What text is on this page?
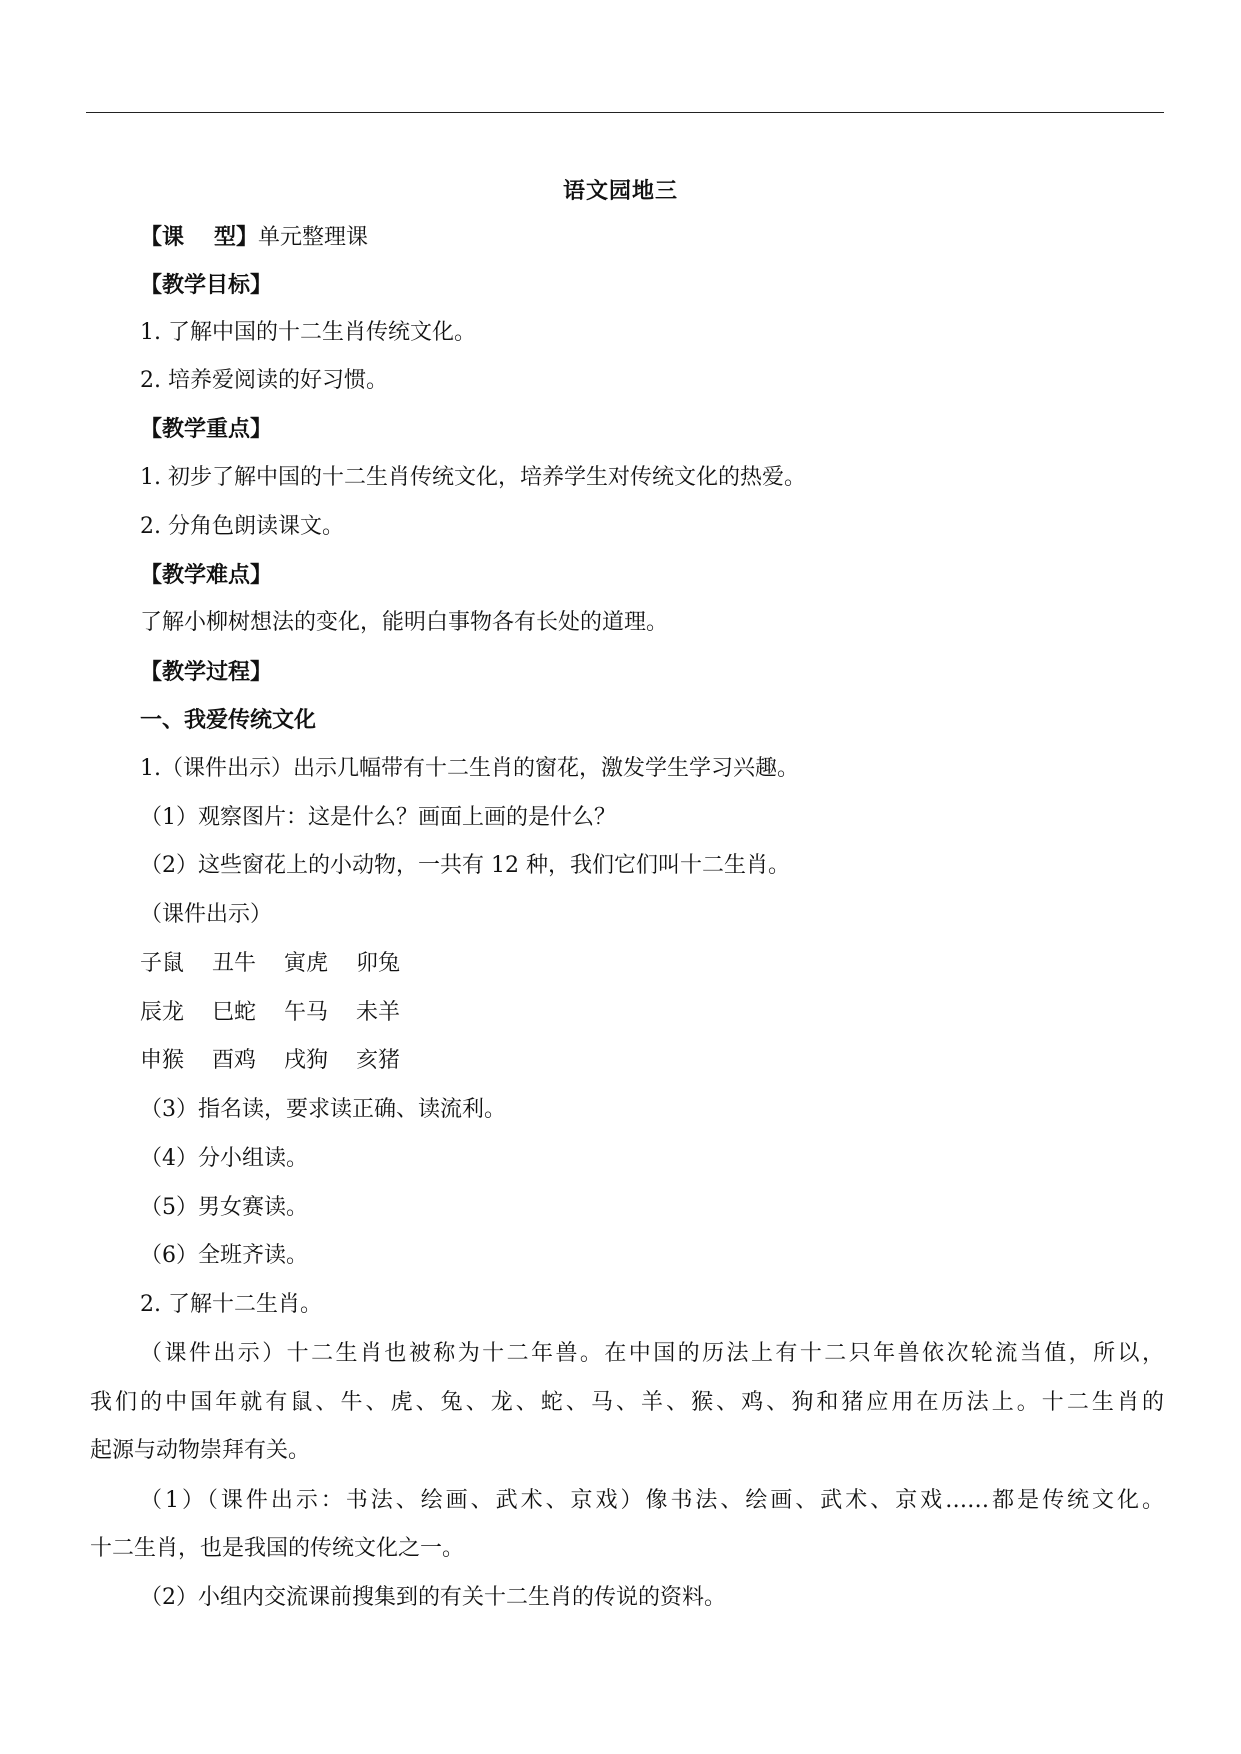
语文园地三
【课型】单元整理课
【教学目标】
1. 了解中国的十二生肖传统文化。
2. 培养爱阅读的好习惯。
【教学重点】
1. 初步了解中国的十二生肖传统文化，培养学生对传统文化的热爱。
2. 分角色朗读课文。
【教学难点】
了解小柳树想法的变化，能明白事物各有长处的道理。
【教学过程】
一、我爱传统文化
1.（课件出示）出示几幅带有十二生肖的窗花，激发学生学习兴趣。
（1）观察图片：这是什么？画面上画的是什么？
（2）这些窗花上的小动物，一共有 12 种，我们它们叫十二生肖。
（课件出示）
子鼠 丑牛 寅虎 卯兔
辰龙 巳蛇 午马 未羊
申猴 酉鸡 戌狗 亥猪
（3）指名读，要求读正确、读流利。
（4）分小组读。
（5）男女赛读。
（6）全班齐读。
2. 了解十二生肖。
（课件出示）十二生肖也被称为十二年兽。在中国的历法上有十二只年兽依次轮流当值，所以，
我们的中国年就有鼠、牛、虎、兔、龙、蛇、马、羊、猴、鸡、狗和猪应用在历法上。十二生肖的
起源与动物崇拜有关。
（1）（课件出示：书法、绘画、武术、京戏）像书法、绘画、武术、京戏……都是传统文化。
十二生肖，也是我国的传统文化之一。
（2）小组内交流课前搜集到的有关十二生肖的传说的资料。
